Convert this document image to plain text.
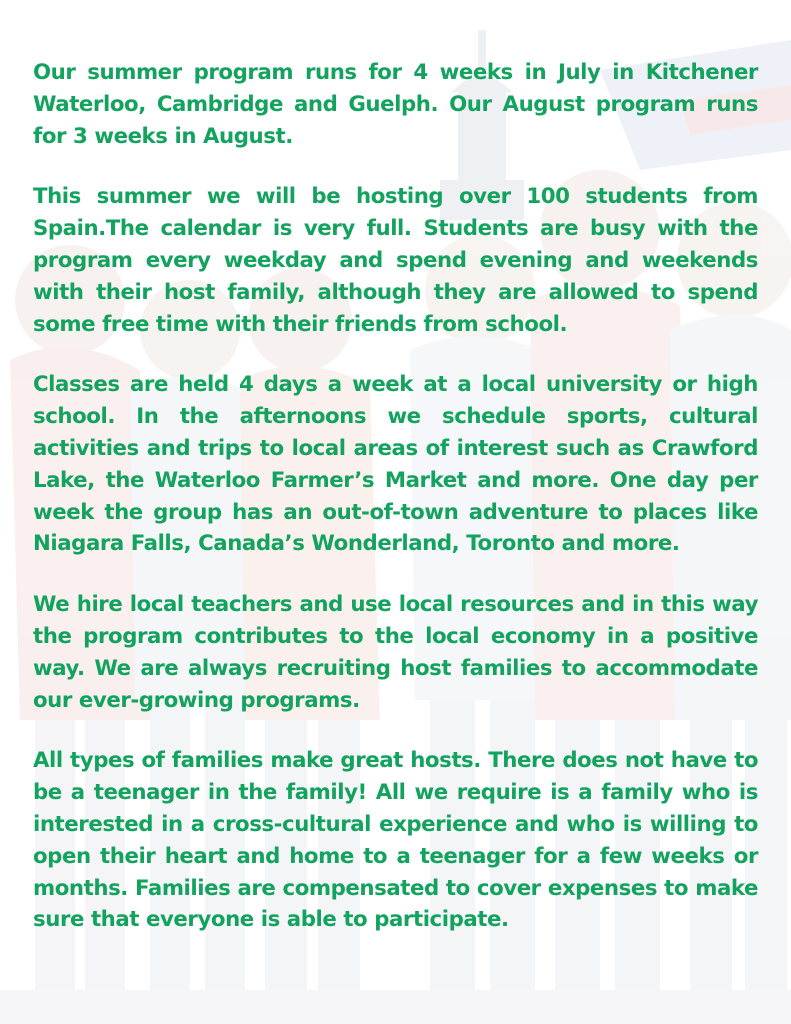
Our summer program runs for 4 weeks in July in Kitchener Waterloo, Cambridge and Guelph. Our August program runs for 3 weeks in August.

This summer we will be hosting over 100 students from Spain.The calendar is very full. Students are busy with the program every weekday and spend evening and weekends with their host family, although they are allowed to spend some free time with their friends from school.

Classes are held 4 days a week at a local university or high school. In the afternoons we schedule sports, cultural activities and trips to local areas of interest such as Crawford Lake, the Waterloo Farmer’s Market and more. One day per week the group has an out-of-town adventure to places like Niagara Falls, Canada’s Wonderland, Toronto and more.

We hire local teachers and use local resources and in this way the program contributes to the local economy in a positive way. We are always recruiting host families to accommodate our ever-growing programs.

All types of families make great hosts. There does not have to be a teenager in the family! All we require is a family who is interested in a cross-cultural experience and who is willing to open their heart and home to a teenager for a few weeks or months. Families are compensated to cover expenses to make sure that everyone is able to participate.
